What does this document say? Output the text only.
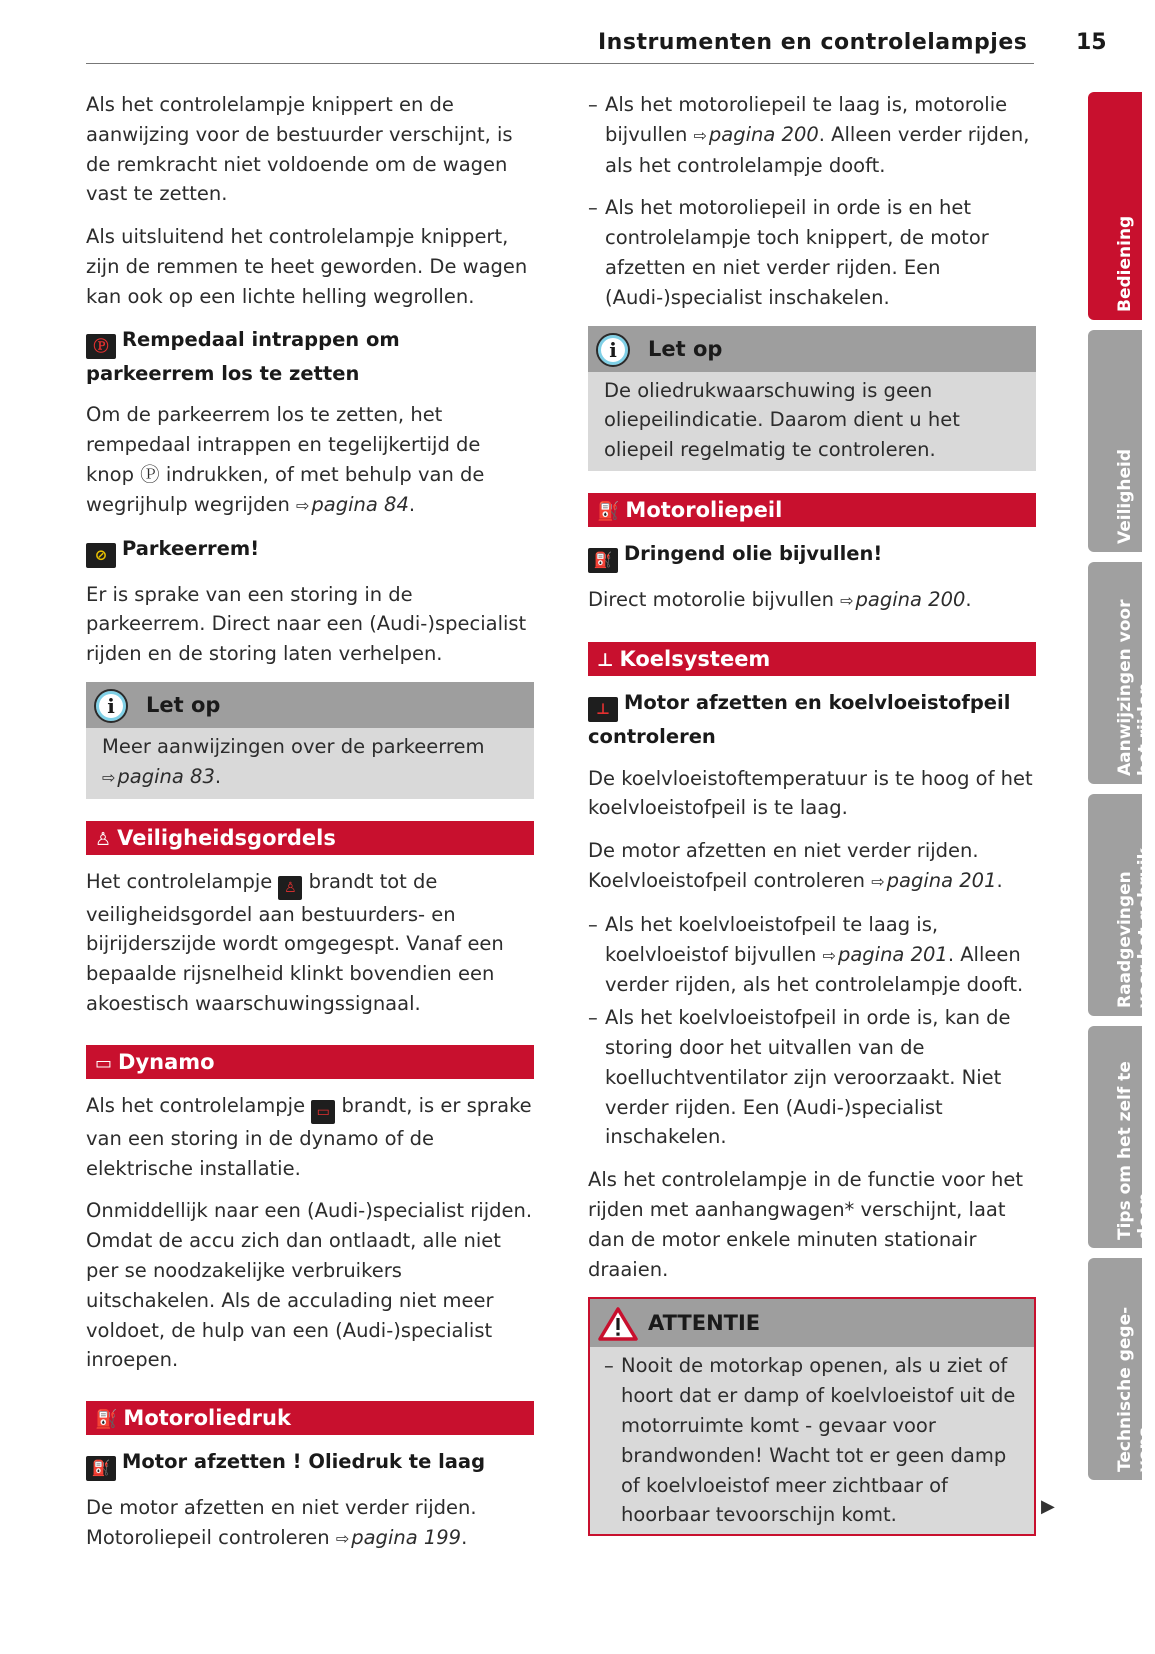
Instrumenten en controlelampjes	15

Als het controlelampje knippert en de aanwijzing voor de bestuurder verschijnt, is de remkracht niet voldoende om de wagen vast te zetten.

Als uitsluitend het controlelampje knippert, zijn de remmen te heet geworden. De wagen kan ook op een lichte helling wegrollen.

Ⓟ Rempedaal intrappen om parkeerrem los te zetten

Om de parkeerrem los te zetten, het rempedaal intrappen en tegelijkertijd de knop Ⓟ indrukken, of met behulp van de wegrijhulp wegrijden ⇨ pagina 84.

⊘ Parkeerrem!

Er is sprake van een storing in de parkeerrem. Direct naar een (Audi-)specialist rijden en de storing laten verhelpen.

i Let op
Meer aanwijzingen over de parkeerrem
⇨ pagina 83.
♙ Veiligheidsgordels

Het controlelampje ♙ brandt tot de veiligheidsgordel aan bestuurders- en bijrijderszijde wordt omgegespt. Vanaf een bepaalde rijsnelheid klinkt bovendien een akoestisch waarschuwingssignaal.

▭ Dynamo

Als het controlelampje ▭ brandt, is er sprake van een storing in de dynamo of de elektrische installatie.

Onmiddellijk naar een (Audi-)specialist rijden. Omdat de accu zich dan ontlaadt, alle niet per se noodzakelijke verbruikers uitschakelen. Als de acculading niet meer voldoet, de hulp van een (Audi-)specialist inroepen.

⛽ Motoroliedruk
⛽ Motor afzetten ! Oliedruk te laag

De motor afzetten en niet verder rijden. Motoroliepeil controleren ⇨ pagina 199.

– Als het motoroliepeil te laag is, motorolie bijvullen ⇨ pagina 200. Alleen verder rijden, als het controlelampje dooft.

– Als het motoroliepeil in orde is en het controlelampje toch knippert, de motor afzetten en niet verder rijden. Een (Audi-)specialist inschakelen.

i Let op
De oliedrukwaarschuwing is geen oliepeilindicatie. Daarom dient u het oliepeil regelmatig te controleren.
⛽ Motoroliepeil
⛽ Dringend olie bijvullen!

Direct motorolie bijvullen ⇨ pagina 200.

⊥ Koelsysteem
⊥ Motor afzetten en koelvloeistofpeil controleren

De koelvloeistoftemperatuur is te hoog of het koelvloeistofpeil is te laag.

De motor afzetten en niet verder rijden. Koelvloeistofpeil controleren ⇨ pagina 201.

– Als het koelvloeistofpeil te laag is, koelvloeistof bijvullen ⇨ pagina 201. Alleen verder rijden, als het controlelampje dooft.

– Als het koelvloeistofpeil in orde is, kan de storing door het uitvallen van de koelluchtventilator zijn veroorzaakt. Niet verder rijden. Een (Audi-)specialist inschakelen.

Als het controlelampje in de functie voor het rijden met aanhangwagen* verschijnt, laat dan de motor enkele minuten stationair draaien.

ATTENTIE

– Nooit de motorkap openen, als u ziet of hoort dat er damp of koelvloeistof uit de motorruimte komt - gevaar voor brandwonden! Wacht tot er geen damp of koelvloeistof meer zichtbaar of hoorbaar tevoorschijn komt.	▶
Bediening
Veiligheid
Aanwijzingen voor
het rijden
Raadgevingen
voor het gebruik
Tips om het zelf te
doen
Technische gege-
vens
